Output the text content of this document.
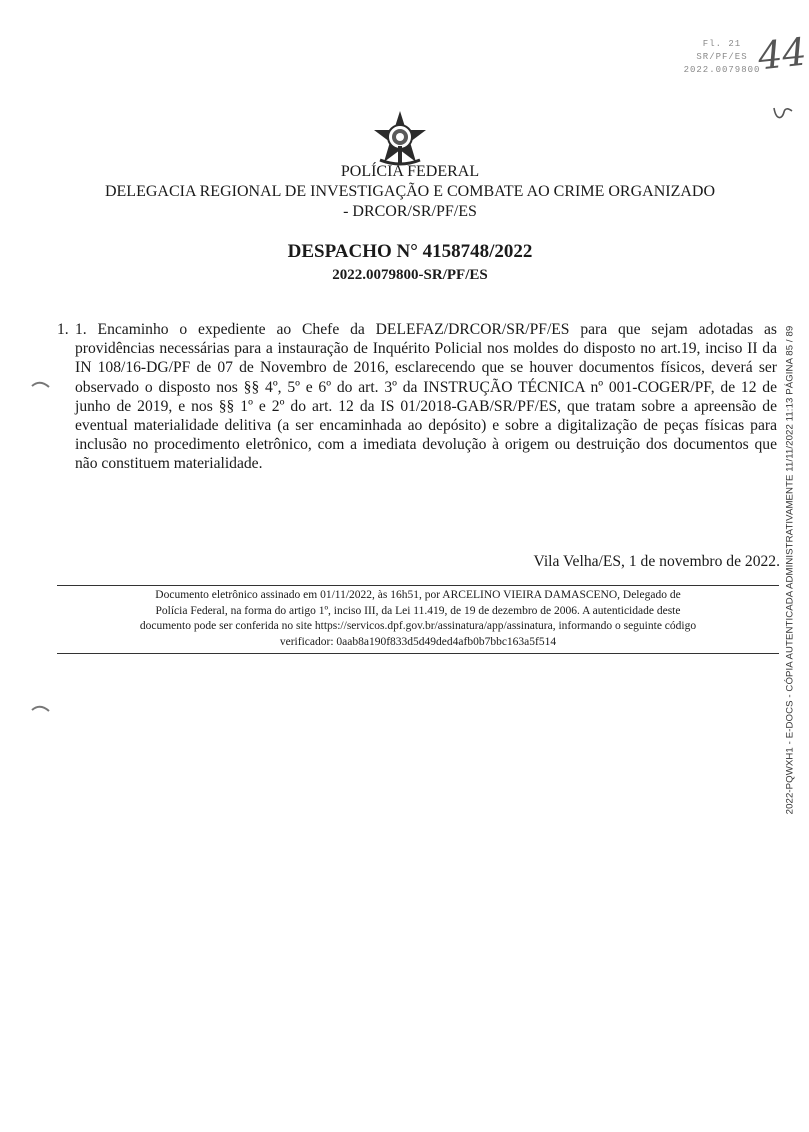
Fl. 21
SR/PF/ES
2022.0079800
44
POLÍCIA FEDERAL
DELEGACIA REGIONAL DE INVESTIGAÇÃO E COMBATE AO CRIME ORGANIZADO
- DRCOR/SR/PF/ES
DESPACHO N° 4158748/2022
2022.0079800-SR/PF/ES
1. 1. Encaminho o expediente ao Chefe da DELEFAZ/DRCOR/SR/PF/ES para que sejam adotadas as providências necessárias para a instauração de Inquérito Policial nos moldes do disposto no art.19, inciso II da IN 108/16-DG/PF de 07 de Novembro de 2016, esclarecendo que se houver documentos físicos, deverá ser observado o disposto nos §§ 4º, 5º e 6º do art. 3º da INSTRUÇÃO TÉCNICA nº 001-COGER/PF, de 12 de junho de 2019, e nos §§ 1º e 2º do art. 12 da IS 01/2018-GAB/SR/PF/ES, que tratam sobre a apreensão de eventual materialidade delitiva (a ser encaminhada ao depósito) e sobre a digitalização de peças físicas para inclusão no procedimento eletrônico, com a imediata devolução à origem ou destruição dos documentos que não constituem materialidade.
Vila Velha/ES, 1 de novembro de 2022.
Documento eletrônico assinado em 01/11/2022, às 16h51, por ARCELINO VIEIRA DAMASCENO, Delegado de
Polícia Federal, na forma do artigo 1º, inciso III, da Lei 11.419, de 19 de dezembro de 2006. A autenticidade deste
documento pode ser conferida no site https://servicos.dpf.gov.br/assinatura/app/assinatura, informando o seguinte código
verificador: 0aab8a190f833d5d49ded4afb0b7bbc163a5f514	2022-PQWXH1 - E-DOCS - CÓPIA AUTENTICADA ADMINISTRATIVAMENTE 11/11/2022 11:13 PÁGINA 85 / 89
